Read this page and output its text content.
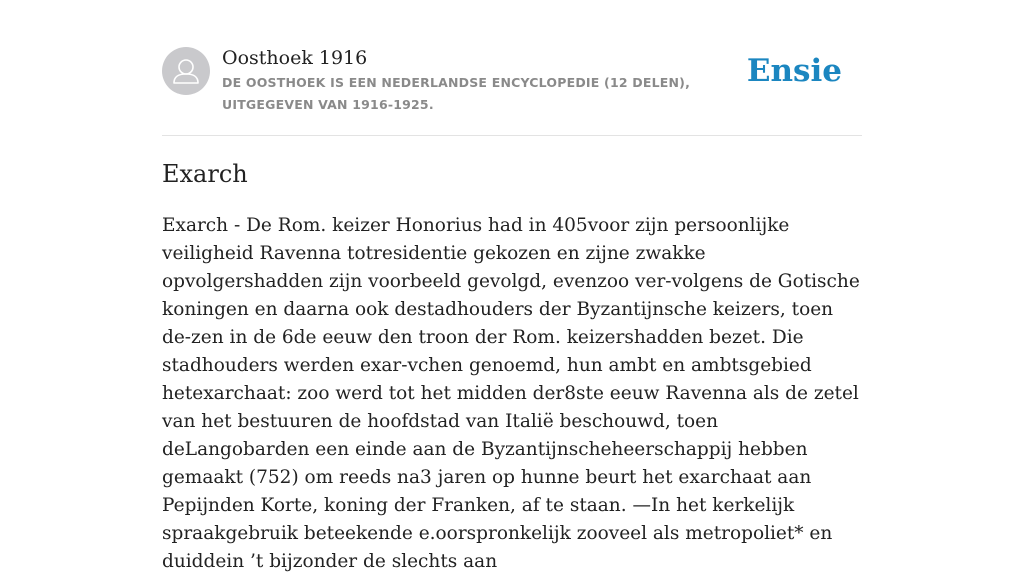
Oosthoek 1916
DE OOSTHOEK IS EEN NEDERLANDSE ENCYCLOPEDIE (12 DELEN), UITGEGEVEN VAN 1916-1925.
Ensie
Exarch

Exarch - De Rom. keizer Honorius had in 405voor zijn persoonlijke veiligheid Ravenna totresidentie gekozen en zijne zwakke opvolgershadden zijn voorbeeld gevolgd, evenzoo ver-volgens de Gotische koningen en daarna ook destadhouders der Byzantijnsche keizers, toen de-zen in de 6de eeuw den troon der Rom. keizershadden bezet. Die stadhouders werden exar-vchen genoemd, hun ambt en ambtsgebied hetexarchaat: zoo werd tot het midden der8ste eeuw Ravenna als de zetel van het bestuuren de hoofdstad van Italië beschouwd, toen deLangobarden een einde aan de Byzantijnscheheerschappij hebben gemaakt (752) om reeds na3 jaren op hunne beurt het exarchaat aan Pepijnden Korte, koning der Franken, af te staan. —In het kerkelijk spraakgebruik beteekende e.oorspronkelijk zooveel als metropoliet* en duiddein ’t bijzonder de slechts aan
